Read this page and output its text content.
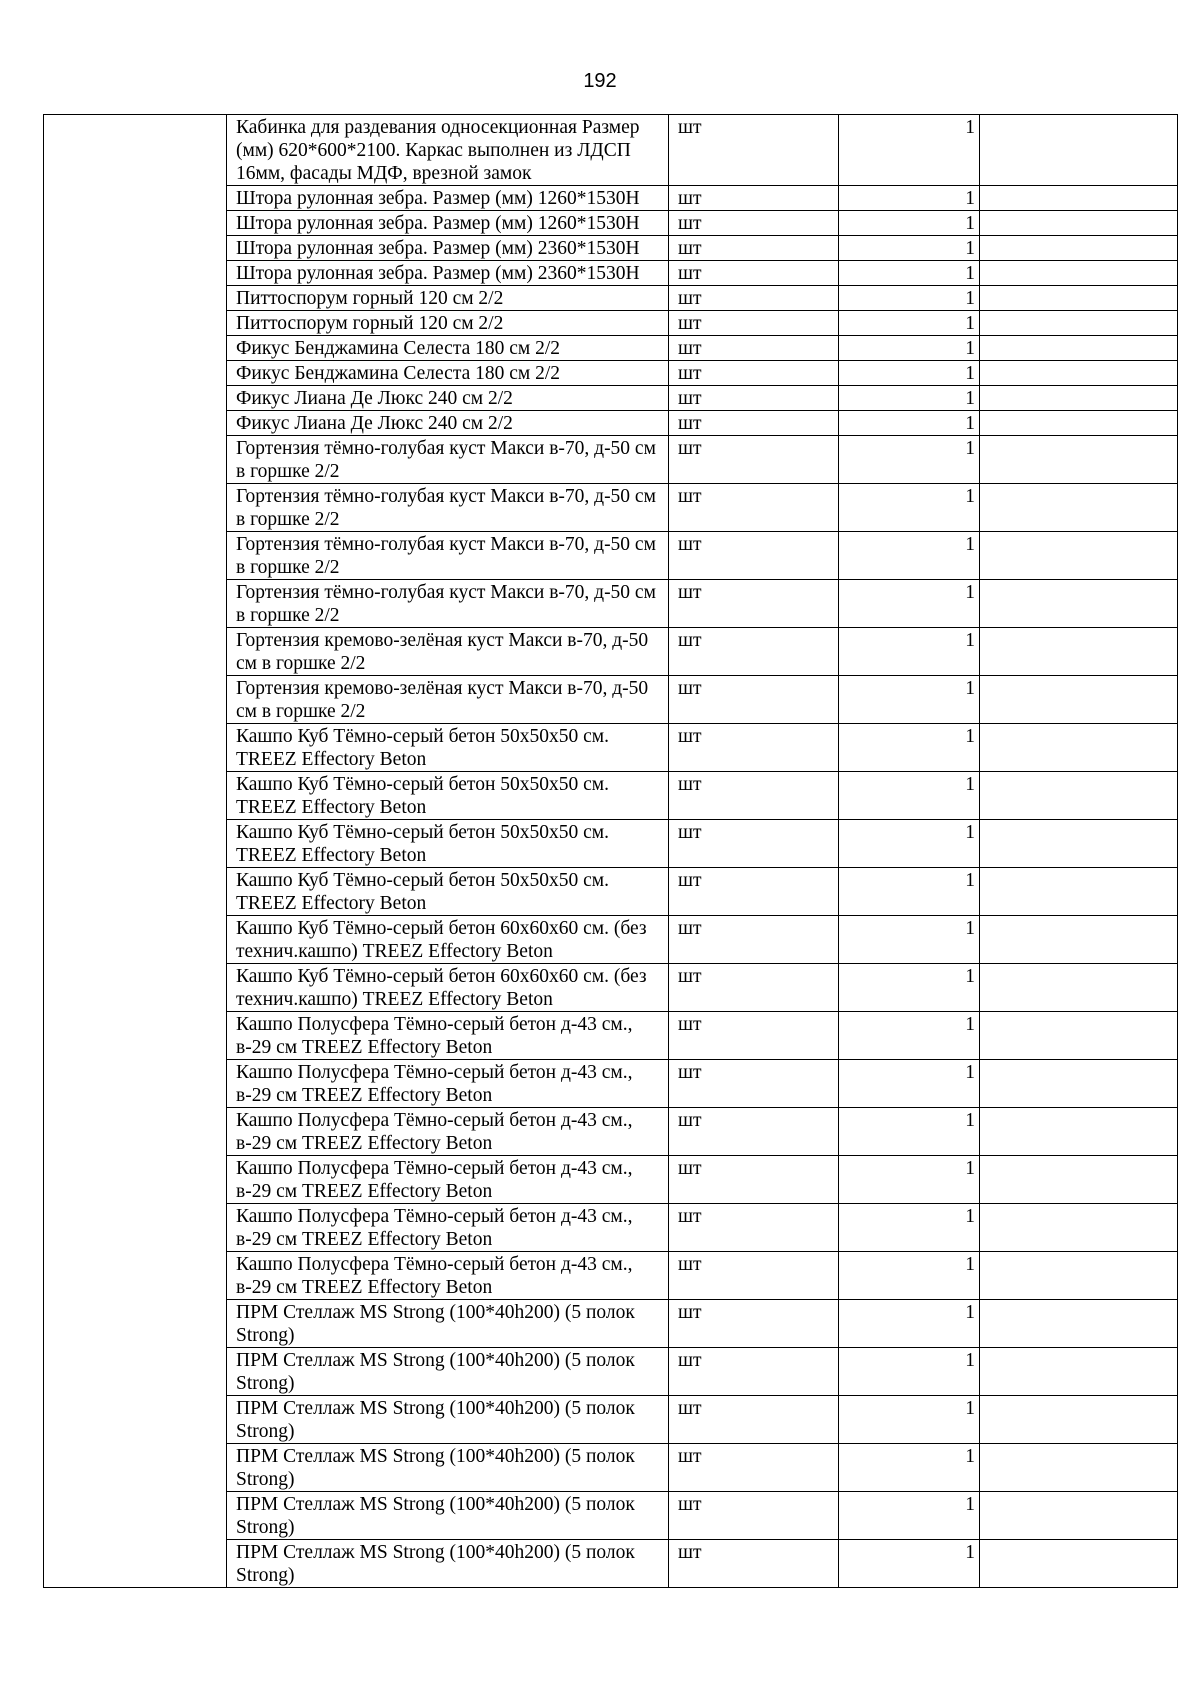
192
	Кабинка для раздевания односекционная Размер (мм) 620*600*2100. Каркас выполнен из ЛДСП 16мм, фасады МДФ, врезной замок	шт	1	
	Штора рулонная зебра. Размер (мм) 1260*1530Н	шт	1	
	Штора рулонная зебра. Размер (мм) 1260*1530Н	шт	1	
	Штора рулонная зебра. Размер (мм) 2360*1530Н	шт	1	
	Штора рулонная зебра. Размер (мм) 2360*1530Н	шт	1	
	Питтоспорум горный 120 см 2/2	шт	1	
	Питтоспорум горный 120 см 2/2	шт	1	
	Фикус Бенджамина Селеста 180 см 2/2	шт	1	
	Фикус Бенджамина Селеста 180 см 2/2	шт	1	
	Фикус Лиана Де Люкс 240 см 2/2	шт	1	
	Фикус Лиана Де Люкс 240 см 2/2	шт	1	
	Гортензия тёмно-голубая куст Макси в-70, д-50 см в горшке 2/2	шт	1	
	Гортензия тёмно-голубая куст Макси в-70, д-50 см в горшке 2/2	шт	1	
	Гортензия тёмно-голубая куст Макси в-70, д-50 см в горшке 2/2	шт	1	
	Гортензия тёмно-голубая куст Макси в-70, д-50 см в горшке 2/2	шт	1	
	Гортензия кремово-зелёная куст Макси в-70, д-50 см в горшке 2/2	шт	1	
	Гортензия кремово-зелёная куст Макси в-70, д-50 см в горшке 2/2	шт	1	
	Кашпо Куб Тёмно-серый бетон 50х50х50 см. TREEZ Effectory Beton	шт	1	
	Кашпо Куб Тёмно-серый бетон 50х50х50 см. TREEZ Effectory Beton	шт	1	
	Кашпо Куб Тёмно-серый бетон 50х50х50 см. TREEZ Effectory Beton	шт	1	
	Кашпо Куб Тёмно-серый бетон 50х50х50 см. TREEZ Effectory Beton	шт	1	
	Кашпо Куб Тёмно-серый бетон 60х60х60 см. (без технич.кашпо) TREEZ Effectory Beton	шт	1	
	Кашпо Куб Тёмно-серый бетон 60х60х60 см. (без технич.кашпо) TREEZ Effectory Beton	шт	1	
	Кашпо Полусфера Тёмно-серый бетон д-43 см., в-29 см TREEZ Effectory Beton	шт	1	
	Кашпо Полусфера Тёмно-серый бетон д-43 см., в-29 см TREEZ Effectory Beton	шт	1	
	Кашпо Полусфера Тёмно-серый бетон д-43 см., в-29 см TREEZ Effectory Beton	шт	1	
	Кашпо Полусфера Тёмно-серый бетон д-43 см., в-29 см TREEZ Effectory Beton	шт	1	
	Кашпо Полусфера Тёмно-серый бетон д-43 см., в-29 см TREEZ Effectory Beton	шт	1	
	Кашпо Полусфера Тёмно-серый бетон д-43 см., в-29 см TREEZ Effectory Beton	шт	1	
	ПРМ Стеллаж MS Strong (100*40h200) (5 полок Strong)	шт	1	
	ПРМ Стеллаж MS Strong (100*40h200) (5 полок Strong)	шт	1	
	ПРМ Стеллаж MS Strong (100*40h200) (5 полок Strong)	шт	1	
	ПРМ Стеллаж MS Strong (100*40h200) (5 полок Strong)	шт	1	
	ПРМ Стеллаж MS Strong (100*40h200) (5 полок Strong)	шт	1	
	ПРМ Стеллаж MS Strong (100*40h200) (5 полок Strong)	шт	1	
